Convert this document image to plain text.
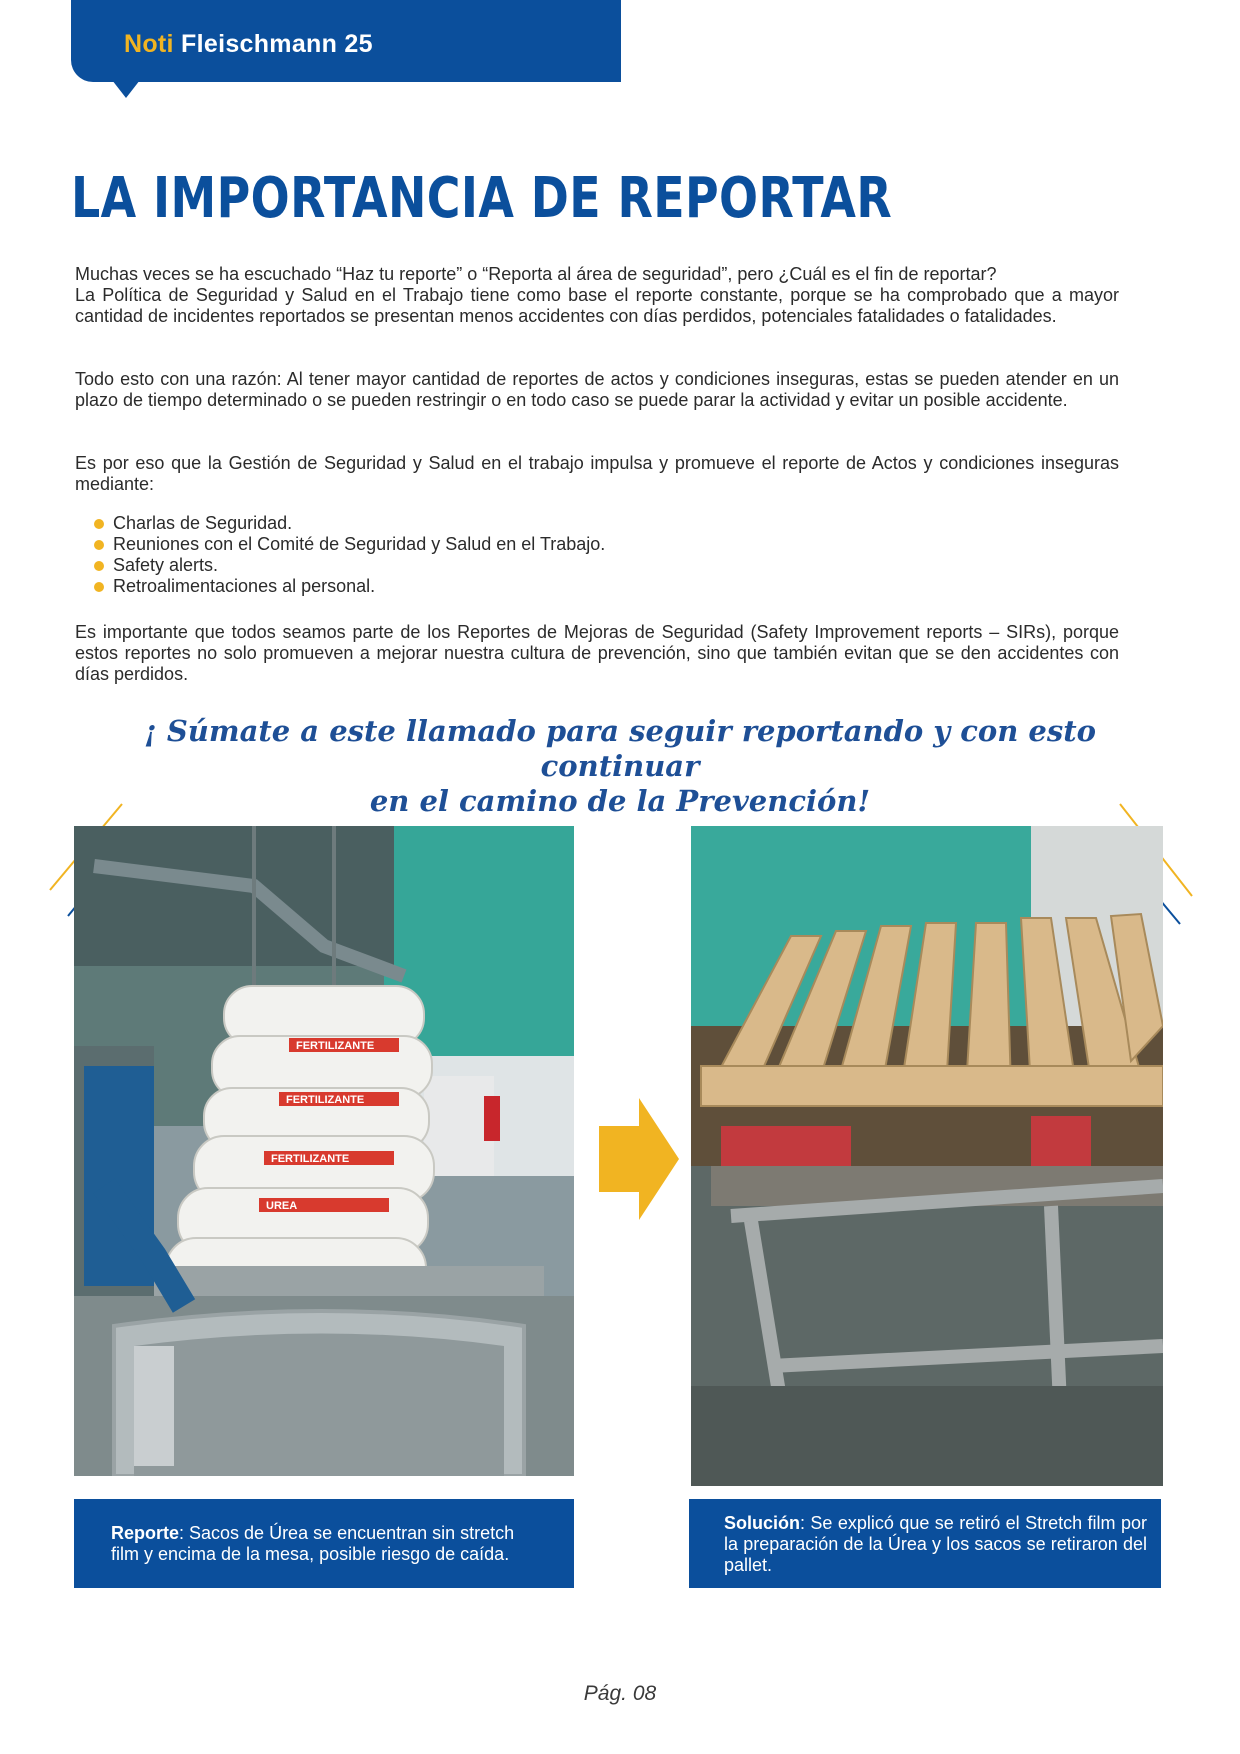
Noti Fleischmann 25
LA IMPORTANCIA DE REPORTAR

Muchas veces se ha escuchado “Haz tu reporte” o “Reporta al área de seguridad”, pero ¿Cuál es el fin de reportar?

La Política de Seguridad y Salud en el Trabajo tiene como base el reporte constante, porque se ha comprobado que a mayor cantidad de incidentes reportados se presentan menos accidentes con días perdidos, potenciales fatalidades o fatalidades.

Todo esto con una razón: Al tener mayor cantidad de reportes de actos y condiciones inseguras, estas se pueden atender en un plazo de tiempo determinado o se pueden restringir o en todo caso se puede parar la actividad y evitar un posible accidente.

Es por eso que la Gestión de Seguridad y Salud en el trabajo impulsa y promueve el reporte de Actos y condiciones inseguras mediante:

Charlas de Seguridad.
Reuniones con el Comité de Seguridad y Salud en el Trabajo.
Safety alerts.
Retroalimentaciones al personal.

Es importante que todos seamos parte de los Reportes de Mejoras de Seguridad (Safety Improvement reports – SIRs), porque estos reportes no solo promueven a mejorar nuestra cultura de prevención, sino que también evitan que se den accidentes con días perdidos.

¡ Súmate a este llamado para seguir reportando y con esto continuar
en el camino de la Prevención!
FERTILIZANTE
FERTILIZANTE
FERTILIZANTE
UREA
Reporte: Sacos de Úrea se encuentran sin stretch film y encima de la mesa, posible riesgo de caída.
Solución: Se explicó que se retiró el Stretch film por la preparación de la Úrea y los sacos se retiraron del pallet.
Pág. 08
